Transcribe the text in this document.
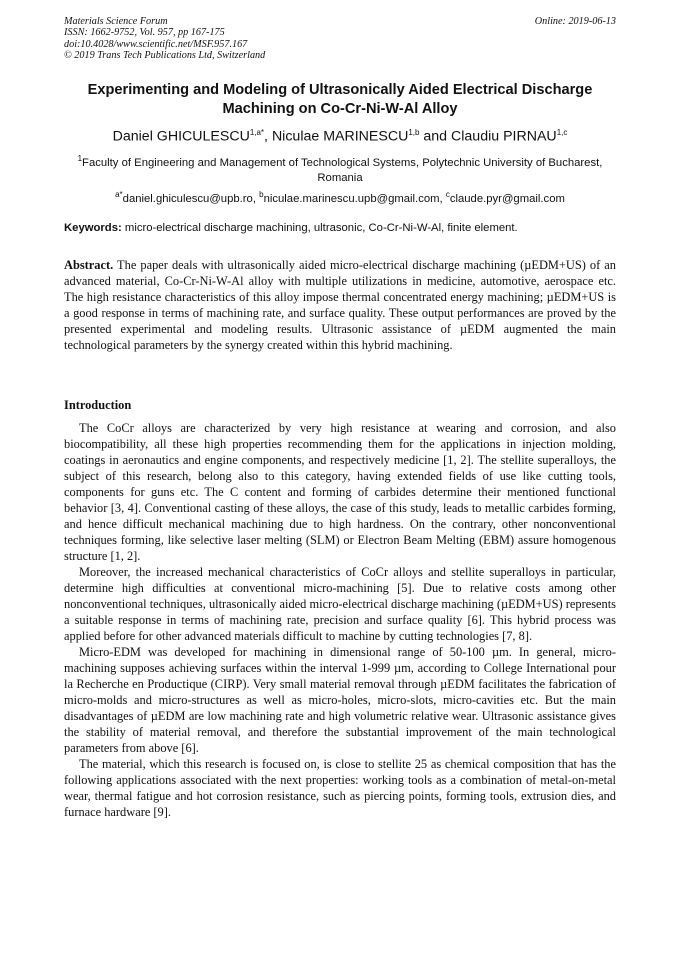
Materials Science Forum
ISSN: 1662-9752, Vol. 957, pp 167-175
doi:10.4028/www.scientific.net/MSF.957.167
© 2019 Trans Tech Publications Ltd, Switzerland
Online: 2019-06-13
Experimenting and Modeling of Ultrasonically Aided Electrical Discharge Machining on Co-Cr-Ni-W-Al Alloy
Daniel $GHICULESCU^{1,a*}$, Niculae MARINESCU$^{1,b}$ and Claudiu PIRNAU$^{1,c}$
$^1$Faculty of Engineering and Management of Technological Systems, Polytechnic University of Bucharest, Romania
$^{a*}$daniel.ghiculescu@upb.ro, $^b$niculae.marinescu.upb@gmail.com, $^c$claude.pyr@gmail.com
Keywords: micro-electrical discharge machining, ultrasonic, Co-Cr-Ni-W-Al, finite element.
Abstract. The paper deals with ultrasonically aided micro-electrical discharge machining (µEDM+US) of an advanced material, Co-Cr-Ni-W-Al alloy with multiple utilizations in medicine, automotive, aerospace etc. The high resistance characteristics of this alloy impose thermal concentrated energy machining; µEDM+US is a good response in terms of machining rate, and surface quality. These output performances are proved by the presented experimental and modeling results. Ultrasonic assistance of µEDM augmented the main technological parameters by the synergy created within this hybrid machining.
Introduction

The CoCr alloys are characterized by very high resistance at wearing and corrosion, and also biocompatibility, all these high properties recommending them for the applications in injection molding, coatings in aeronautics and engine components, and respectively medicine [1, 2]. The stellite superalloys, the subject of this research, belong also to this category, having extended fields of use like cutting tools, components for guns etc. The C content and forming of carbides determine their mentioned functional behavior [3, 4]. Conventional casting of these alloys, the case of this study, leads to metallic carbides forming, and hence difficult mechanical machining due to high hardness. On the contrary, other nonconventional techniques forming, like selective laser melting (SLM) or Electron Beam Melting (EBM) assure homogenous structure [1, 2].

Moreover, the increased mechanical characteristics of CoCr alloys and stellite superalloys in particular, determine high difficulties at conventional micro-machining [5]. Due to relative costs among other nonconventional techniques, ultrasonically aided micro-electrical discharge machining (µEDM+US) represents a suitable response in terms of machining rate, precision and surface quality [6]. This hybrid process was applied before for other advanced materials difficult to machine by cutting technologies [7, 8].

Micro-EDM was developed for machining in dimensional range of 50-100 µm. In general, micro-machining supposes achieving surfaces within the interval 1-999 µm, according to College International pour la Recherche en Productique (CIRP). Very small material removal through µEDM facilitates the fabrication of micro-molds and micro-structures as well as micro-holes, micro-slots, micro-cavities etc. But the main disadvantages of µEDM are low machining rate and high volumetric relative wear. Ultrasonic assistance gives the stability of material removal, and therefore the substantial improvement of the main technological parameters from above [6].

The material, which this research is focused on, is close to stellite 25 as chemical composition that has the following applications associated with the next properties: working tools as a combination of metal-on-metal wear, thermal fatigue and hot corrosion resistance, such as piercing points, forming tools, extrusion dies, and furnace hardware [9].
